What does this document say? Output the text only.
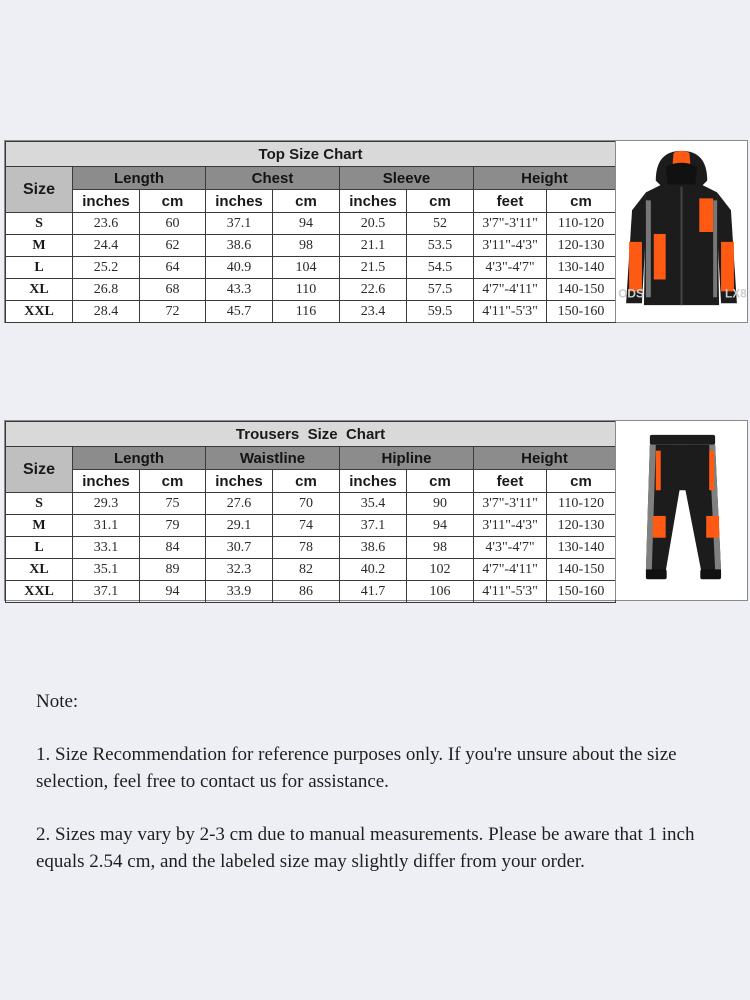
Top Size Chart								
Size	Length		Chest		Sleeve		Height	
	inches	cm	inches	cm	inches	cm	feet	cm
S	23.6	60	37.1	94	20.5	52	3'7"-3'11"	110-120
M	24.4	62	38.6	98	21.1	53.5	3'11"-4'3"	120-130
L	25.2	64	40.9	104	21.5	54.5	4'3"-4'7"	130-140
XL	26.8	68	43.3	110	22.6	57.5	4'7"-4'11"	140-150
XXL	28.4	72	45.7	116	23.4	59.5	4'11"-5'3"	150-160
ODS	LX8
Trousers  Size  Chart								
Size	Length		Waistline		Hipline		Height	
	inches	cm	inches	cm	inches	cm	feet	cm
S	29.3	75	27.6	70	35.4	90	3'7"-3'11"	110-120
M	31.1	79	29.1	74	37.1	94	3'11"-4'3"	120-130
L	33.1	84	30.7	78	38.6	98	4'3"-4'7"	130-140
XL	35.1	89	32.3	82	40.2	102	4'7"-4'11"	140-150
XXL	37.1	94	33.9	86	41.7	106	4'11"-5'3"	150-160

Note:

1. Size Recommendation for reference purposes only. If you're unsure about the size selection, feel free to contact us for assistance.

2. Sizes may vary by 2-3 cm due to manual measurements. Please be aware that 1 inch equals 2.54 cm, and the labeled size may slightly differ from your order.
